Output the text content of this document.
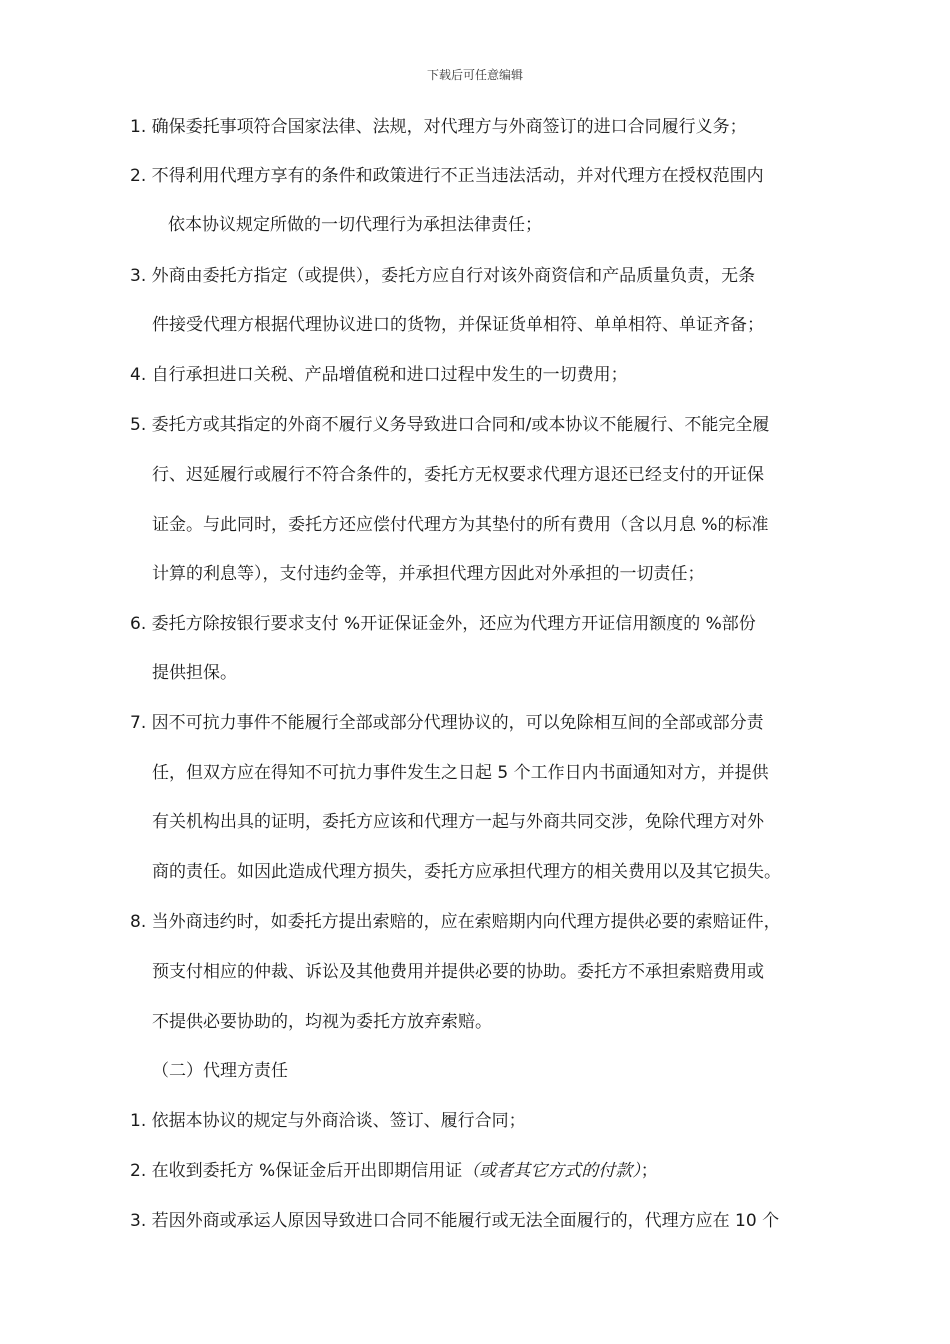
下载后可任意编辑
1. 确保委托事项符合国家法律、法规，对代理方与外商签订的进口合同履行义务；
2. 不得利用代理方享有的条件和政策进行不正当违法活动，并对代理方在授权范围内
依本协议规定所做的一切代理行为承担法律责任；
3. 外商由委托方指定（或提供），委托方应自行对该外商资信和产品质量负责，无条
件接受代理方根据代理协议进口的货物，并保证货单相符、单单相符、单证齐备；
4. 自行承担进口关税、产品增值税和进口过程中发生的一切费用；
5. 委托方或其指定的外商不履行义务导致进口合同和/或本协议不能履行、不能完全履
行、迟延履行或履行不符合条件的，委托方无权要求代理方退还已经支付的开证保
证金。与此同时，委托方还应偿付代理方为其垫付的所有费用（含以月息 %的标准
计算的利息等），支付违约金等，并承担代理方因此对外承担的一切责任；
6. 委托方除按银行要求支付 %开证保证金外，还应为代理方开证信用额度的 %部份
提供担保。
7. 因不可抗力事件不能履行全部或部分代理协议的，可以免除相互间的全部或部分责
任，但双方应在得知不可抗力事件发生之日起 5 个工作日内书面通知对方，并提供
有关机构出具的证明，委托方应该和代理方一起与外商共同交涉，免除代理方对外
商的责任。如因此造成代理方损失，委托方应承担代理方的相关费用以及其它损失。
8. 当外商违约时，如委托方提出索赔的，应在索赔期内向代理方提供必要的索赔证件，
预支付相应的仲裁、诉讼及其他费用并提供必要的协助。委托方不承担索赔费用或
不提供必要协助的，均视为委托方放弃索赔。
（二）代理方责任
1. 依据本协议的规定与外商洽谈、签订、履行合同；
2. 在收到委托方 %保证金后开出即期信用证（或者其它方式的付款）；
3. 若因外商或承运人原因导致进口合同不能履行或无法全面履行的，代理方应在 10 个
